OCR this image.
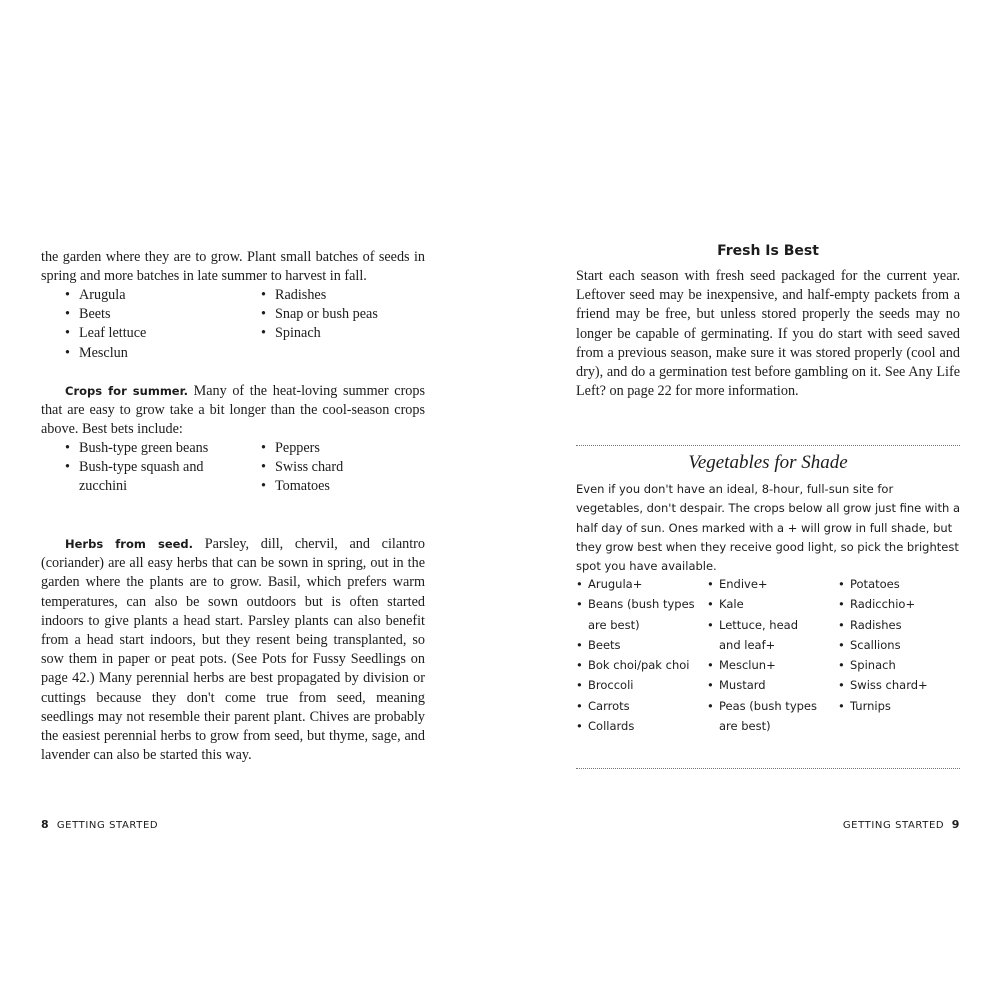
the garden where they are to grow. Plant small batches of seeds in spring and more batches in late summer to harvest in fall.

• Arugula
• Beets
• Leaf lettuce
• Mesclun
• Radishes
• Snap or bush peas
• Spinach

Crops for summer. Many of the heat-loving summer crops that are easy to grow take a bit longer than the cool-season crops above. Best bets include:

• Bush-type green beans
• Bush-type squash and zucchini
• Peppers
• Swiss chard
• Tomatoes

Herbs from seed. Parsley, dill, chervil, and cilantro (coriander) are all easy herbs that can be sown in spring, out in the garden where the plants are to grow. Basil, which prefers warm temperatures, can also be sown outdoors but is often started indoors to give plants a head start. Parsley plants can also benefit from a head start indoors, but they resent being transplanted, so sow them in paper or peat pots. (See Pots for Fussy Seedlings on page 42.) Many perennial herbs are best propagated by division or cuttings because they don't come true from seed, meaning seedlings may not resemble their parent plant. Chives are probably the easiest perennial herbs to grow from seed, but thyme, sage, and lavender can also be started this way.

8 GETTING STARTED
Fresh Is Best

Start each season with fresh seed packaged for the current year. Leftover seed may be inexpensive, and half-empty packets from a friend may be free, but unless stored properly the seeds may no longer be capable of germinating. If you do start with seed saved from a previous season, make sure it was stored properly (cool and dry), and do a germination test before gambling on it. See Any Life Left? on page 22 for more information.

Vegetables for Shade

Even if you don't have an ideal, 8-hour, full-sun site for vegetables, don't despair. The crops below all grow just fine with a half day of sun. Ones marked with a + will grow in full shade, but they grow best when they receive good light, so pick the brightest spot you have available.

• Arugula+
• Beans (bush types are best)
• Beets
• Bok choi/pak choi
• Broccoli
• Carrots
• Collards
• Endive+
• Kale
• Lettuce, head and leaf+
• Mesclun+
• Mustard
• Peas (bush types are best)
• Potatoes
• Radicchio+
• Radishes
• Scallions
• Spinach
• Swiss chard+
• Turnips
GETTING STARTED 9
